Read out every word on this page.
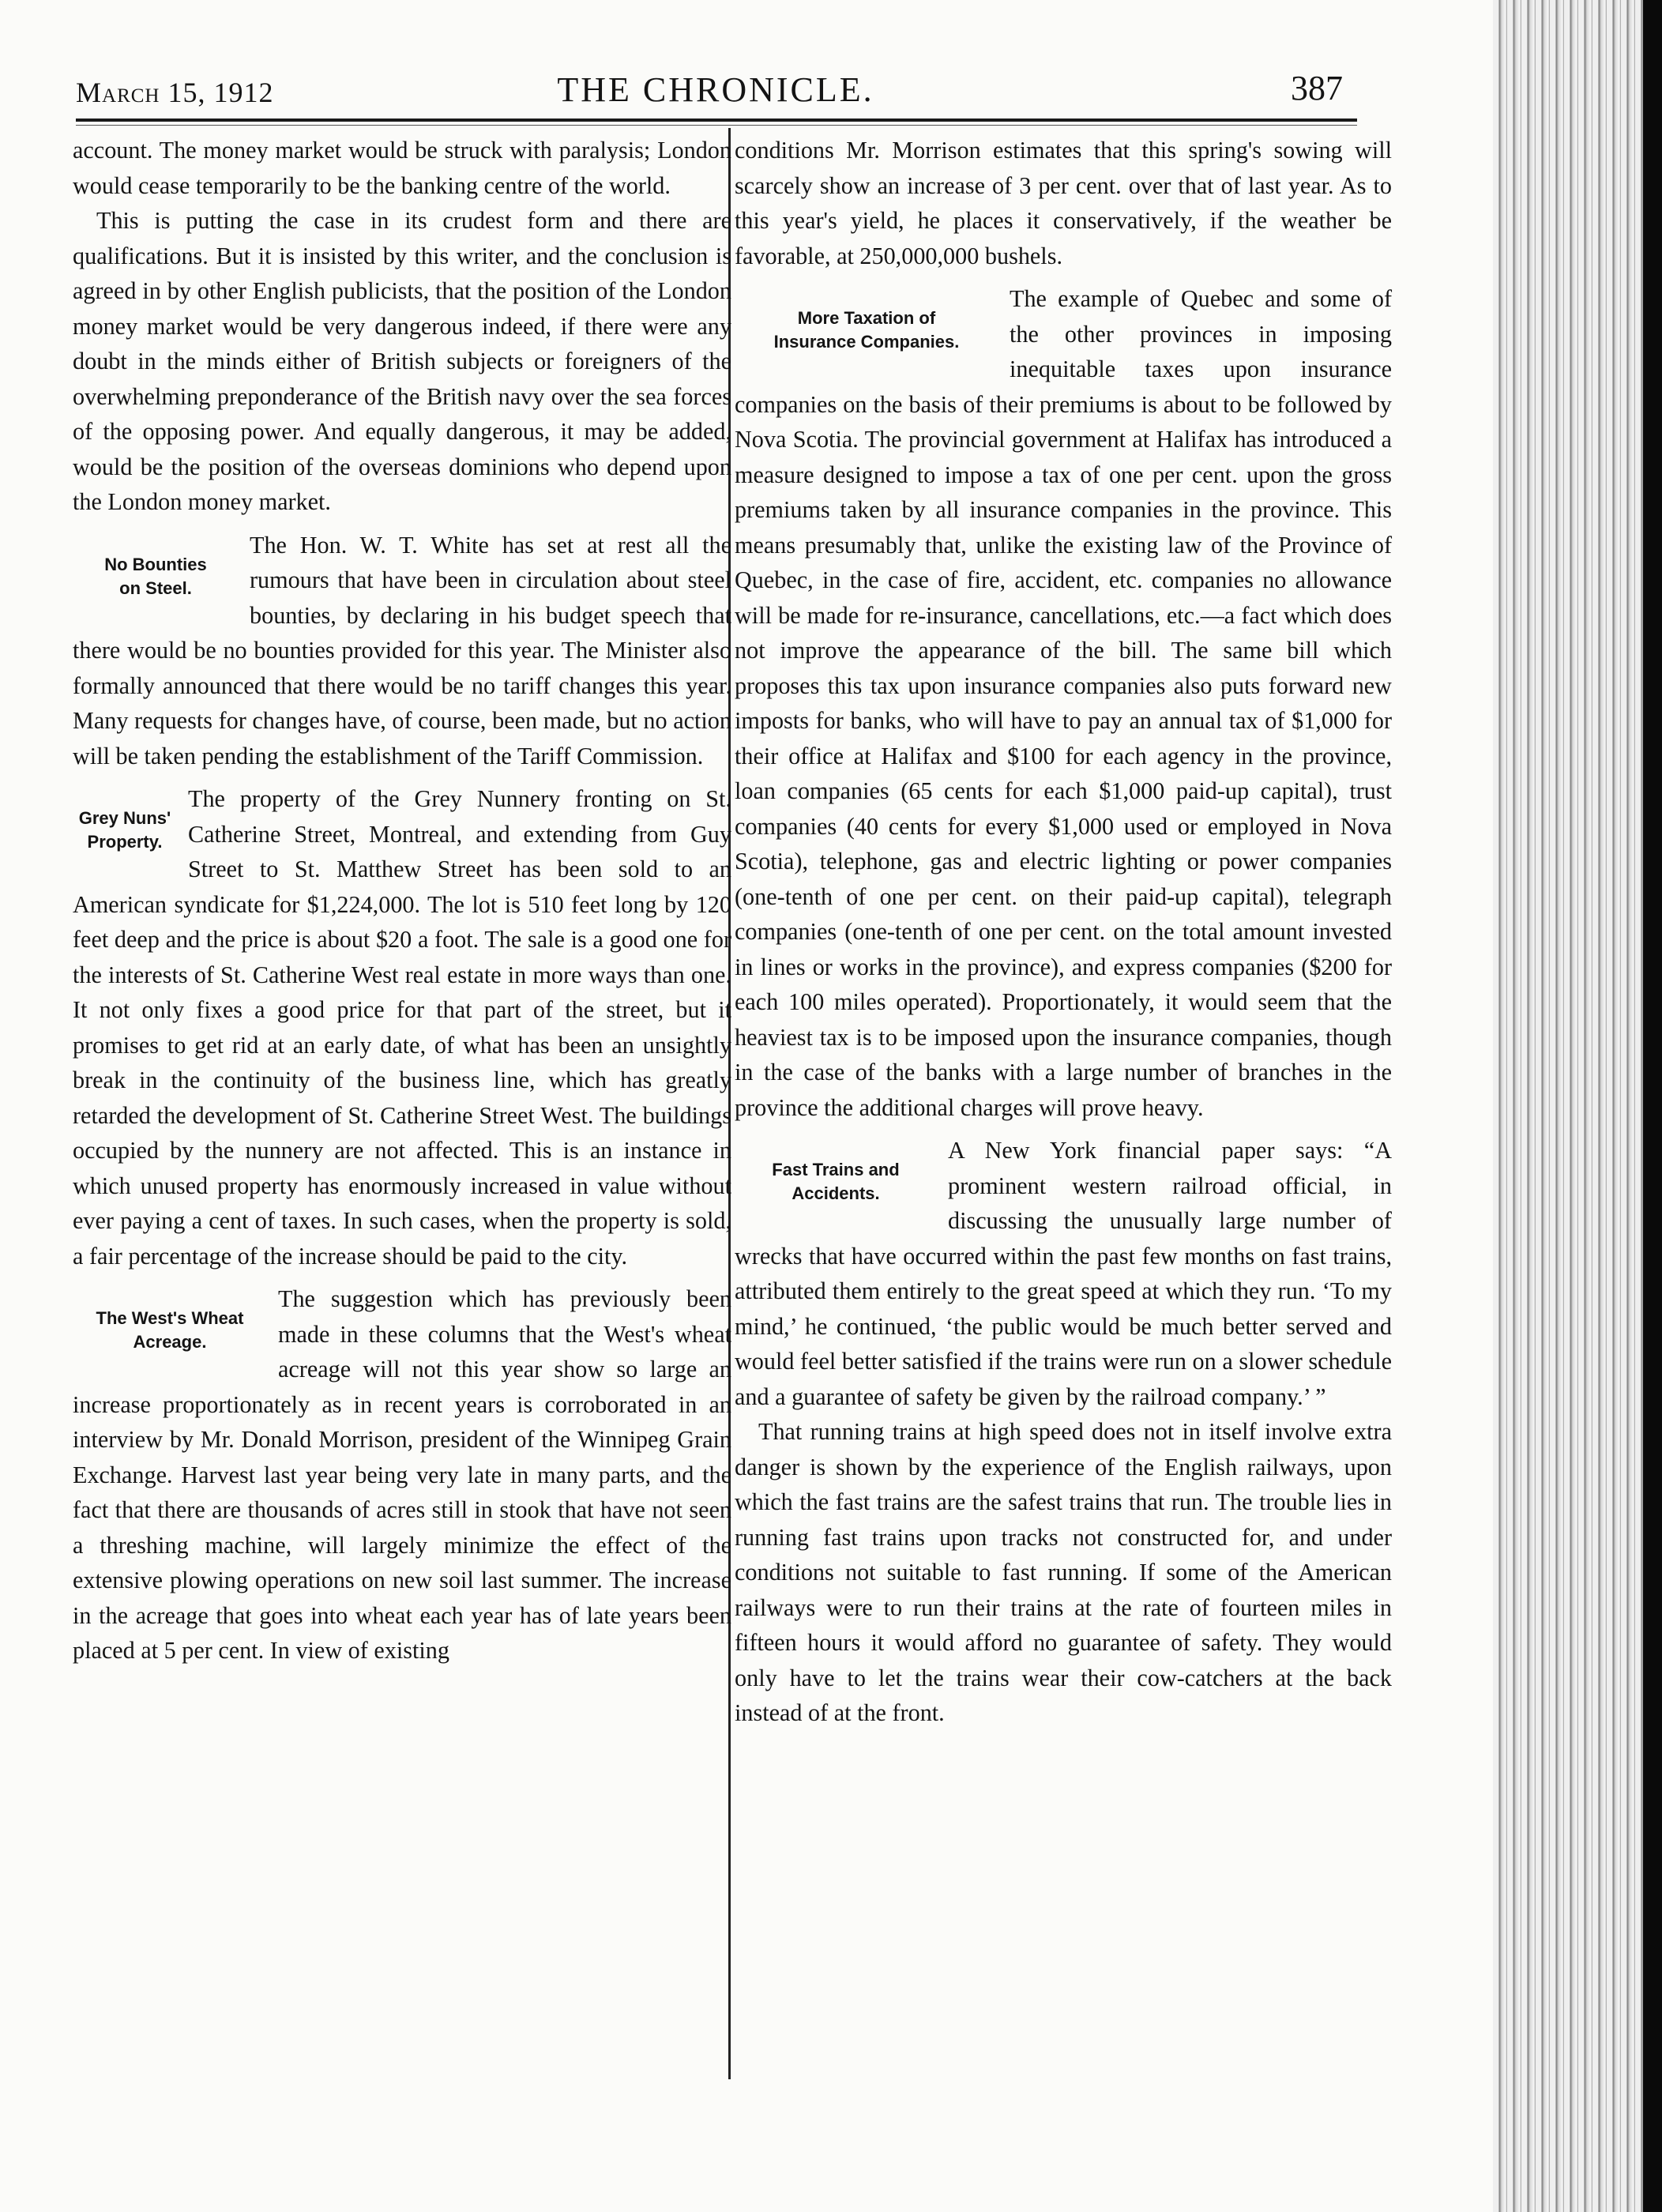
March 15, 1912	THE CHRONICLE.	387

account. The money market would be struck with paralysis; London would cease temporarily to be the banking centre of the world.

This is putting the case in its crudest form and there are qualifications. But it is insisted by this writer, and the conclusion is agreed in by other English publicists, that the position of the London money market would be very dangerous indeed, if there were any doubt in the minds either of British subjects or foreigners of the overwhelming preponderance of the British navy over the sea forces of the opposing power. And equally dangerous, it may be added, would be the position of the overseas dominions who depend upon the London money market.

No Bounties
on Steel.

The Hon. W. T. White has set at rest all the rumours that have been in circulation about steel bounties, by declaring in his budget speech that there would be no bounties provided for this year. The Minister also formally announced that there would be no tariff changes this year. Many requests for changes have, of course, been made, but no action will be taken pending the establishment of the Tariff Commission.

Grey Nuns'
Property.

The property of the Grey Nunnery fronting on St. Catherine Street, Montreal, and extending from Guy Street to St. Matthew Street has been sold to an American syndicate for $1,224,000. The lot is 510 feet long by 120 feet deep and the price is about $20 a foot. The sale is a good one for the interests of St. Catherine West real estate in more ways than one. It not only fixes a good price for that part of the street, but it promises to get rid at an early date, of what has been an unsightly break in the continuity of the business line, which has greatly retarded the development of St. Catherine Street West. The buildings occupied by the nunnery are not affected. This is an instance in which unused property has enormously increased in value without ever paying a cent of taxes. In such cases, when the property is sold, a fair percentage of the increase should be paid to the city.

The West's Wheat
Acreage.

The suggestion which has previously been made in these columns that the West's wheat acreage will not this year show so large an increase proportionately as in recent years is corroborated in an interview by Mr. Donald Morrison, president of the Winnipeg Grain Exchange. Harvest last year being very late in many parts, and the fact that there are thousands of acres still in stook that have not seen a threshing machine, will largely minimize the effect of the extensive plowing operations on new soil last summer. The increase in the acreage that goes into wheat each year has of late years been placed at 5 per cent. In view of existing

conditions Mr. Morrison estimates that this spring's sowing will scarcely show an increase of 3 per cent. over that of last year. As to this year's yield, he places it conservatively, if the weather be favorable, at 250,000,000 bushels.

More Taxation of
Insurance Companies.

The example of Quebec and some of the other provinces in imposing inequitable taxes upon insurance companies on the basis of their premiums is about to be followed by Nova Scotia. The provincial government at Halifax has introduced a measure designed to impose a tax of one per cent. upon the gross premiums taken by all insurance companies in the province. This means presumably that, unlike the existing law of the Province of Quebec, in the case of fire, accident, etc. companies no allowance will be made for re-insurance, cancellations, etc.—a fact which does not improve the appearance of the bill. The same bill which proposes this tax upon insurance companies also puts forward new imposts for banks, who will have to pay an annual tax of $1,000 for their office at Halifax and $100 for each agency in the province, loan companies (65 cents for each $1,000 paid-up capital), trust companies (40 cents for every $1,000 used or employed in Nova Scotia), telephone, gas and electric lighting or power companies (one-tenth of one per cent. on their paid-up capital), telegraph companies (one-tenth of one per cent. on the total amount invested in lines or works in the province), and express companies ($200 for each 100 miles operated). Proportionately, it would seem that the heaviest tax is to be imposed upon the insurance companies, though in the case of the banks with a large number of branches in the province the additional charges will prove heavy.

Fast Trains and
Accidents.

A New York financial paper says: “A prominent western railroad official, in discussing the unusually large number of wrecks that have occurred within the past few months on fast trains, attributed them entirely to the great speed at which they run. ‘To my mind,’ he continued, ‘the public would be much better served and would feel better satisfied if the trains were run on a slower schedule and a guarantee of safety be given by the railroad company.’ ”

That running trains at high speed does not in itself involve extra danger is shown by the experience of the English railways, upon which the fast trains are the safest trains that run. The trouble lies in running fast trains upon tracks not constructed for, and under conditions not suitable to fast running. If some of the American railways were to run their trains at the rate of fourteen miles in fifteen hours it would afford no guarantee of safety. They would only have to let the trains wear their cow-catchers at the back instead of at the front.
